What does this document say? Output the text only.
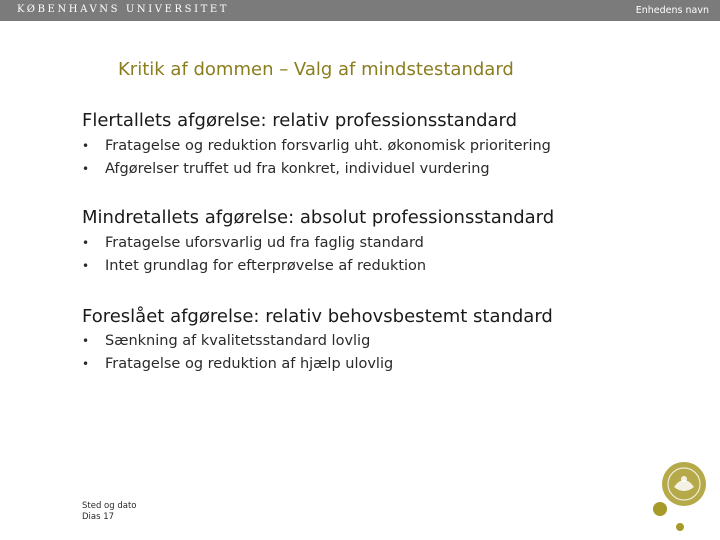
KØBENHAVNS UNIVERSITET	Enhedens navn
Kritik af dommen – Valg af mindstestandard
Flertallets afgørelse: relativ professionsstandard
• Fratagelse og reduktion forsvarlig uht. økonomisk prioritering
• Afgørelser truffet ud fra konkret, individuel vurdering
Mindretallets afgørelse: absolut professionsstandard
• Fratagelse uforsvarlig ud fra faglig standard
• Intet grundlag for efterprøvelse af reduktion
Foreslået afgørelse: relativ behovsbestemt standard
• Sænkning af kvalitetsstandard lovlig
• Fratagelse og reduktion af hjælp ulovlig
Sted og dato
Dias 17
